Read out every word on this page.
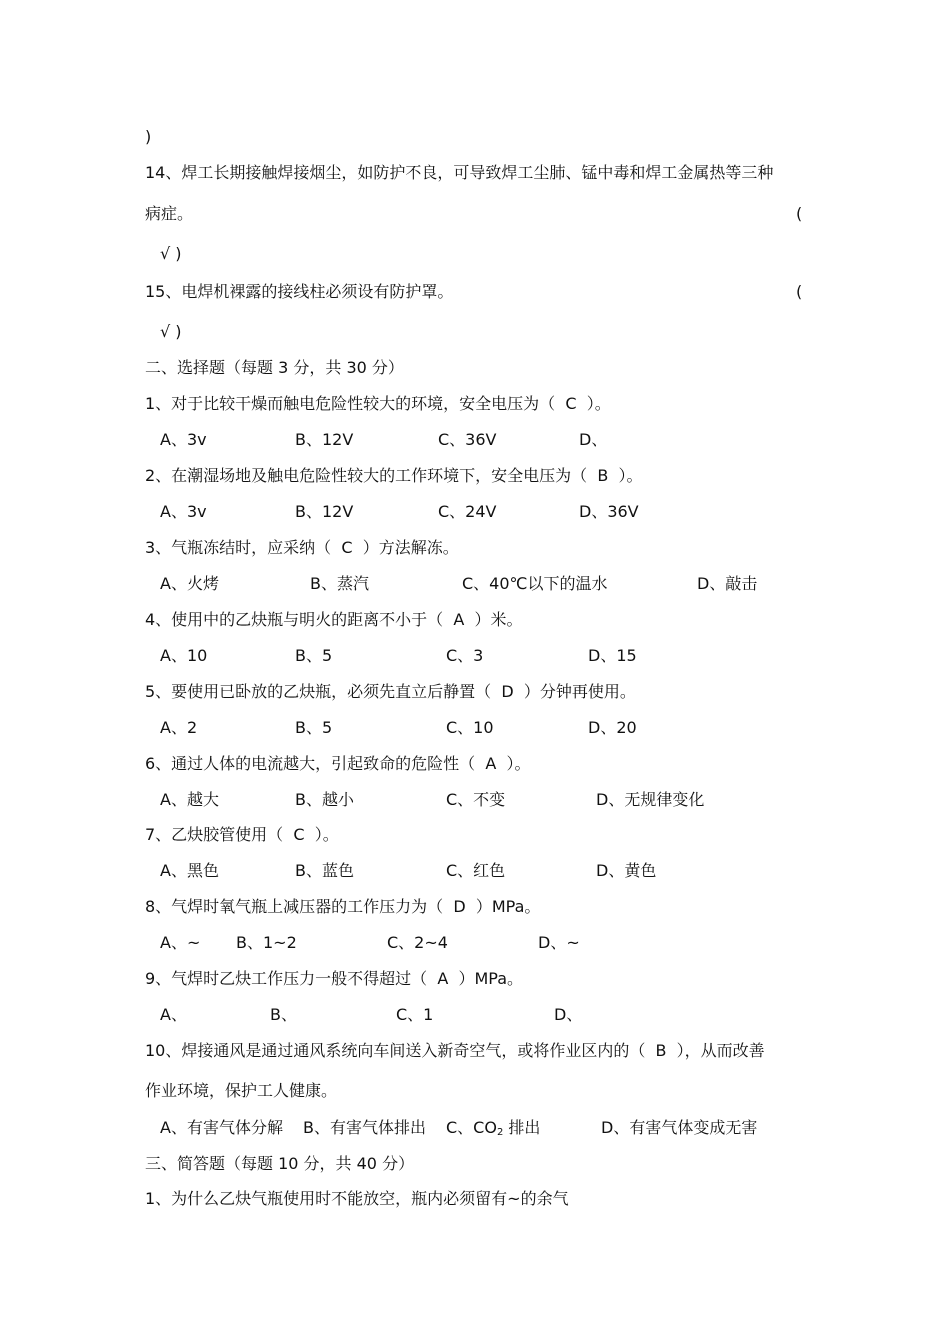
)
14、焊工长期接触焊接烟尘，如防护不良，可导致焊工尘肺、锰中毒和焊工金属热等三种
病症。	(
√ )
15、电焊机裸露的接线柱必须设有防护罩。	(
√ )
二、选择题（每题 3 分，共 30 分）
1、对于比较干燥而触电危险性较大的环境，安全电压为（  C  ）。
A、3v	B、12V	C、36V	D、
2、在潮湿场地及触电危险性较大的工作环境下，安全电压为（  B  ）。
A、3v	B、12V	C、24V	D、36V
3、气瓶冻结时，应采纳（  C  ）方法解冻。
A、火烤	B、蒸汽	C、40℃以下的温水	D、敲击
4、使用中的乙炔瓶与明火的距离不小于（  A  ）米。
A、10	B、5	C、3	D、15
5、要使用已卧放的乙炔瓶，必须先直立后静置（  D  ）分钟再使用。
A、2	B、5	C、10	D、20
6、通过人体的电流越大，引起致命的危险性（  A  ）。
A、越大	B、越小	C、不变	D、无规律变化
7、乙炔胶管使用（  C  ）。
A、黑色	B、蓝色	C、红色	D、黄色
8、气焊时氧气瓶上减压器的工作压力为（  D  ）MPa。
A、~ B、1~2	C、2~4	D、~
9、气焊时乙炔工作压力一般不得超过（  A  ）MPa。
A、	B、	C、1	D、
10、焊接通风是通过通风系统向车间送入新奇空气，或将作业区内的（  B  ），从而改善
作业环境，保护工人健康。
A、有害气体分解 B、有害气体排出 C、$CO_2$ 排出	D、有害气体变成无害
三、简答题（每题 10 分，共 40 分）
1、为什么乙炔气瓶使用时不能放空，瓶内必须留有~的余气
